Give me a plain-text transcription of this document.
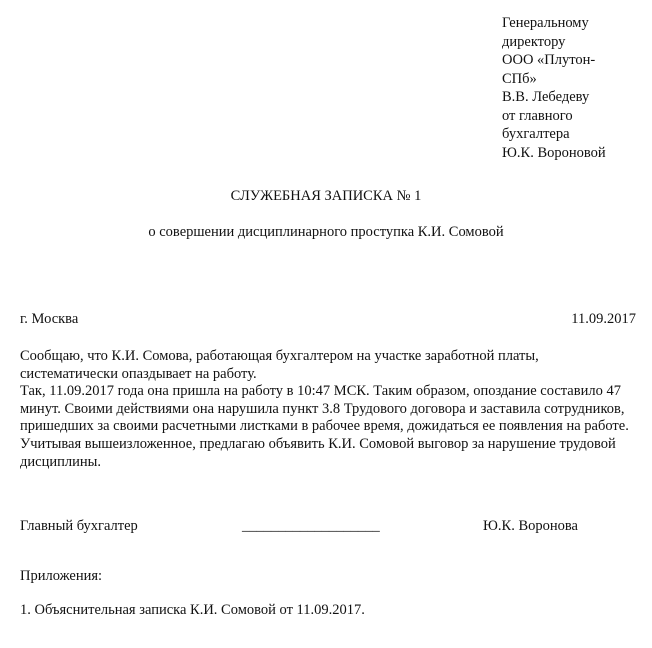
Генеральному
директору
ООО «Плутон-
СПб»
В.В. Лебедеву
от главного
бухгалтера
Ю.К. Вороновой
СЛУЖЕБНАЯ ЗАПИСКА № 1
о совершении дисциплинарного проступка К.И. Сомовой
г. Москва	11.09.2017

Сообщаю, что К.И. Сомова, работающая бухгалтером на участке заработной платы, систематически опаздывает на работу.

Так, 11.09.2017 года она пришла на работу в 10:47 МСК. Таким образом, опоздание составило 47 минут. Своими действиями она нарушила пункт 3.8 Трудового договора и заставила сотрудников, пришедших за своими расчетными листками в рабочее время, дожидаться ее появления на работе.

Учитывая вышеизложенное, предлагаю объявить К.И. Сомовой выговор за нарушение трудовой дисциплины.

Главный бухгалтер	___________________	Ю.К. Воронова
Приложения:
1. Объяснительная записка К.И. Сомовой от 11.09.2017.
